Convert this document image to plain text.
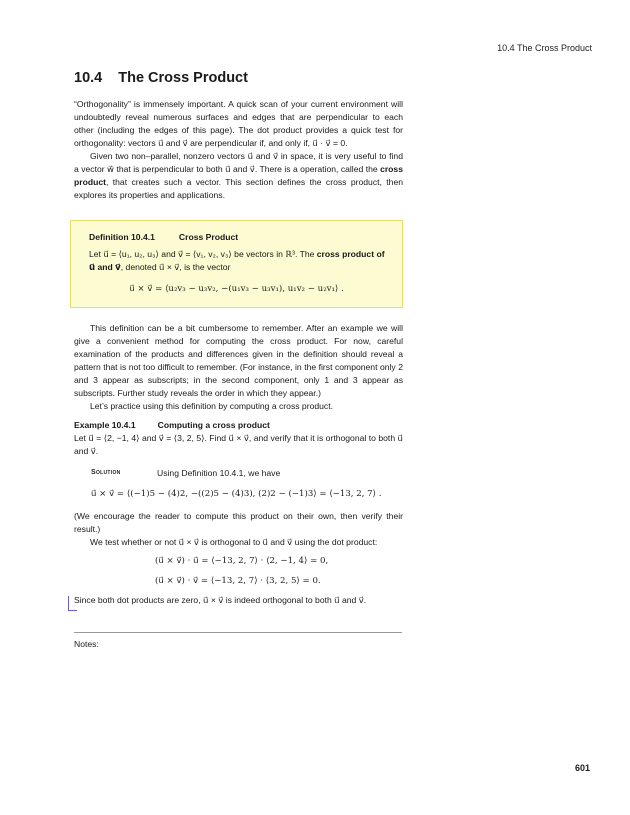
10.4 The Cross Product
10.4 The Cross Product

“Orthogonality” is immensely important. A quick scan of your current environment will undoubtedly reveal numerous surfaces and edges that are perpendicular to each other (including the edges of this page). The dot product provides a quick test for orthogonality: vectors u⃗ and v⃗ are perpendicular if, and only if, u⃗ · v⃗ = 0.

Given two non–parallel, nonzero vectors u⃗ and v⃗ in space, it is very useful to find a vector w⃗ that is perpendicular to both u⃗ and v⃗. There is a operation, called the cross product, that creates such a vector. This section defines the cross product, then explores its properties and applications.

Definition 10.4.1	Cross Product
Let u⃗ = ⟨u₁, u₂, u₃⟩ and v⃗ = ⟨v₁, v₂, v₃⟩ be vectors in ℝ³. The cross product of u⃗ and v⃗, denoted u⃗ × v⃗, is the vector
u⃗ × v⃗ = ⟨u₂v₃ − u₃v₂, −(u₁v₃ − u₃v₁), u₁v₂ − u₂v₁⟩ .

This definition can be a bit cumbersome to remember. After an example we will give a convenient method for computing the cross product. For now, careful examination of the products and differences given in the definition should reveal a pattern that is not too difficult to remember. (For instance, in the first component only 2 and 3 appear as subscripts; in the second component, only 1 and 3 appear as subscripts. Further study reveals the order in which they appear.)

Let’s practice using this definition by computing a cross product.

Example 10.4.1	Computing a cross product
Let u⃗ = ⟨2, −1, 4⟩ and v⃗ = ⟨3, 2, 5⟩. Find u⃗ × v⃗, and verify that it is orthogonal to both u⃗ and v⃗.
Solution	Using Definition 10.4.1, we have
u⃗ × v⃗ = ⟨(−1)5 − (4)2, −((2)5 − (4)3), (2)2 − (−1)3⟩ = ⟨−13, 2, 7⟩ .

(We encourage the reader to compute this product on their own, then verify their result.)

We test whether or not u⃗ × v⃗ is orthogonal to u⃗ and v⃗ using the dot product:

(u⃗ × v⃗) · u⃗ = ⟨−13, 2, 7⟩ · ⟨2, −1, 4⟩ = 0,
(u⃗ × v⃗) · v⃗ = ⟨−13, 2, 7⟩ · ⟨3, 2, 5⟩ = 0.
Since both dot products are zero, u⃗ × v⃗ is indeed orthogonal to both u⃗ and v⃗.
Notes:
601
